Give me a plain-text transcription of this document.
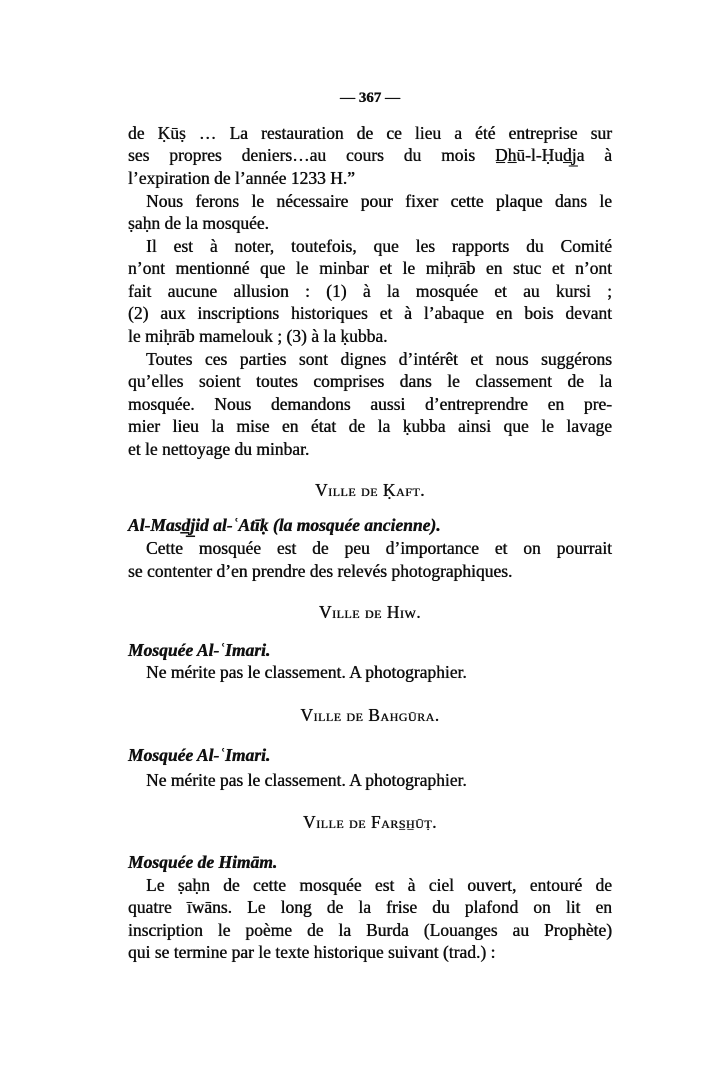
— 367 —
de Ḳūṣ … La restauration de ce lieu a été entreprise sur
ses propres deniers…au cours du mois D̲h̲ū-l-Ḥud̲j̲a à
l’expiration de l’année 1233 H.”
Nous ferons le nécessaire pour fixer cette plaque dans le
ṣaḥn de la mosquée.
Il est à noter, toutefois, que les rapports du Comité
n’ont mentionné que le minbar et le miḥrāb en stuc et n’ont
fait aucune allusion : (1) à la mosquée et au kursi ;
(2) aux inscriptions historiques et à l’abaque en bois devant
le miḥrāb mamelouk ; (3) à la ḳubba.
Toutes ces parties sont dignes d’intérêt et nous suggérons
qu’elles soient toutes comprises dans le classement de la
mosquée. Nous demandons aussi d’entreprendre en pre-
mier lieu la mise en état de la ḳubba ainsi que le lavage
et le nettoyage du minbar.
Ville de Ḳaft.
Al-Masd̲j̲id al-ʿAtīḳ (la mosquée ancienne).
Cette mosquée est de peu d’importance et on pourrait
se contenter d’en prendre des relevés photographiques.
Ville de Hiw.
Mosquée Al-ʿImari.
Ne mérite pas le classement. A photographier.
Ville de Bahgūra.
Mosquée Al-ʿImari.
Ne mérite pas le classement. A photographier.
Ville de Fars̲h̲ūṭ.
Mosquée de Himām.
Le ṣaḥn de cette mosquée est à ciel ouvert, entouré de
quatre īwāns. Le long de la frise du plafond on lit en
inscription le poème de la Burda (Louanges au Prophète)
qui se termine par le texte historique suivant (trad.) :
